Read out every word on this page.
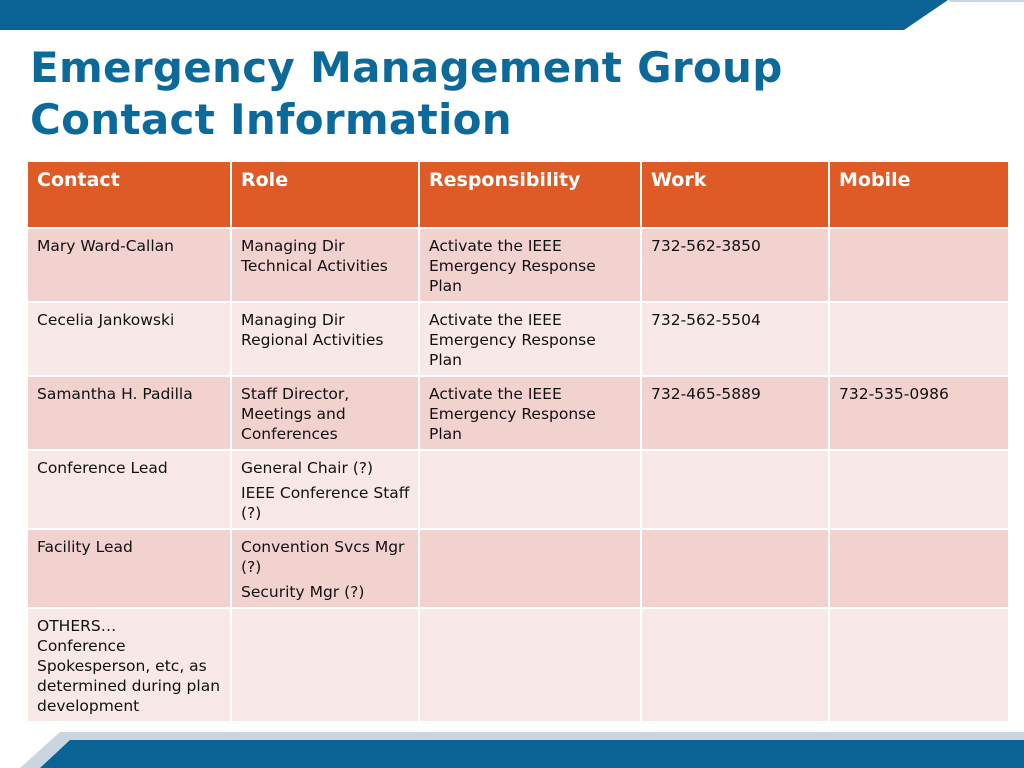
Emergency Management Group
Contact Information
Contact	Role	Responsibility	Work	Mobile

Mary Ward-Callan	Managing Dir Technical Activities	Activate the IEEE Emergency Response Plan	732-562-3850	

Cecelia Jankowski	Managing Dir Regional Activities	Activate the IEEE Emergency Response Plan	732-562-5504	

Samantha H. Padilla	Staff Director, Meetings and Conferences	Activate the IEEE Emergency Response Plan	732-465-5889	732-535-0986

Conference Lead	General Chair (?)
IEEE Conference Staff (?)			

Facility Lead	Convention Svcs Mgr (?)
Security Mgr (?)			

OTHERS…
Conference Spokesperson, etc, as determined during plan development				
